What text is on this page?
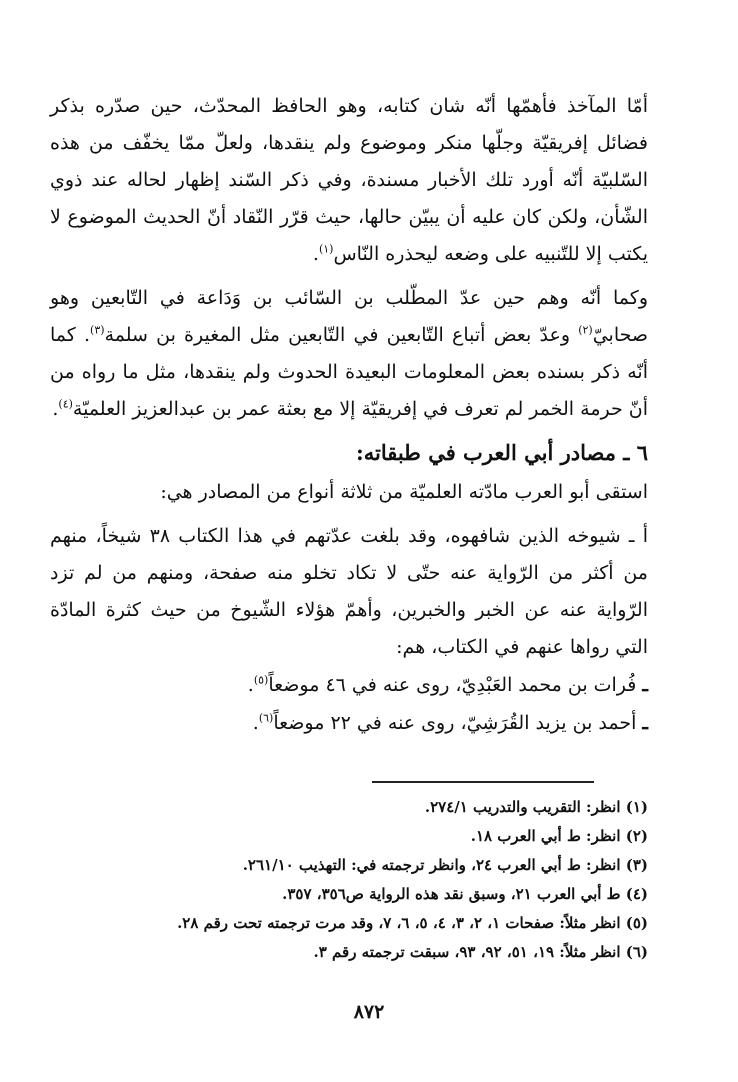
أمّا المآخذ فأهمّها أنّه شان كتابه، وهو الحافظ المحدّث، حين صدّره بذكر فضائل إفريقيّة وجلّها منكر وموضوع ولم ينقدها، ولعلّ ممّا يخفّف من هذه السّلبيّة أنّه أورد تلك الأخبار مسندة، وفي ذكر السّند إظهار لحاله عند ذوي الشّأن، ولكن كان عليه أن يبيّن حالها، حيث قرّر النّقاد أنّ الحديث الموضوع لا يكتب إلا للتّنبيه على وضعه ليحذره النّاس$^{(١)}$.

وكما أنّه وهم حين عدّ المطّلب بن السّائب بن وَدَاعة في التّابعين وهو صحابيّ$^{(٢)}$ وعدّ بعض أتباع التّابعين في التّابعين مثل المغيرة بن سلمة$^{(٣)}$. كما أنّه ذكر بسنده بعض المعلومات البعيدة الحدوث ولم ينقدها، مثل ما رواه من أنّ حرمة الخمر لم تعرف في إفريقيّة إلا مع بعثة عمر بن عبدالعزيز العلميّة$^{(٤)}$.

٦ ـ مصادر أبي العرب في طبقاته:

استقى أبو العرب مادّته العلميّة من ثلاثة أنواع من المصادر هي:

أ ـ شيوخه الذين شافهوه، وقد بلغت عدّتهم في هذا الكتاب ٣٨ شيخاً، منهم من أكثر من الرّواية عنه حتّى لا تكاد تخلو منه صفحة، ومنهم من لم تزد الرّواية عنه عن الخبر والخبرين، وأهمّ هؤلاء الشّيوخ من حيث كثرة المادّة التي رواها عنهم في الكتاب، هم:

ـ فُرات بن محمد العَبْدِيّ، روى عنه في ٤٦ موضعاً$^{(٥)}$.

ـ أحمد بن يزيد القُرَشِيّ، روى عنه في ٢٢ موضعاً$^{(٦)}$.

(١) انظر: التقريب والتدريب ٢٧٤/١.

(٢) انظر: ط أبي العرب ١٨.

(٣) انظر: ط أبي العرب ٢٤، وانظر ترجمته في: التهذيب ٢٦١/١٠.

(٤) ط أبي العرب ٢١، وسبق نقد هذه الرواية ص٣٥٦، ٣٥٧.

(٥) انظر مثلاً: صفحات ١، ٢، ٣، ٤، ٥، ٦، ٧، وقد مرت ترجمته تحت رقم ٢٨.

(٦) انظر مثلاً: ١٩، ٥١، ٩٢، ٩٣، سبقت ترجمته رقم ٣.

٨٧٢
